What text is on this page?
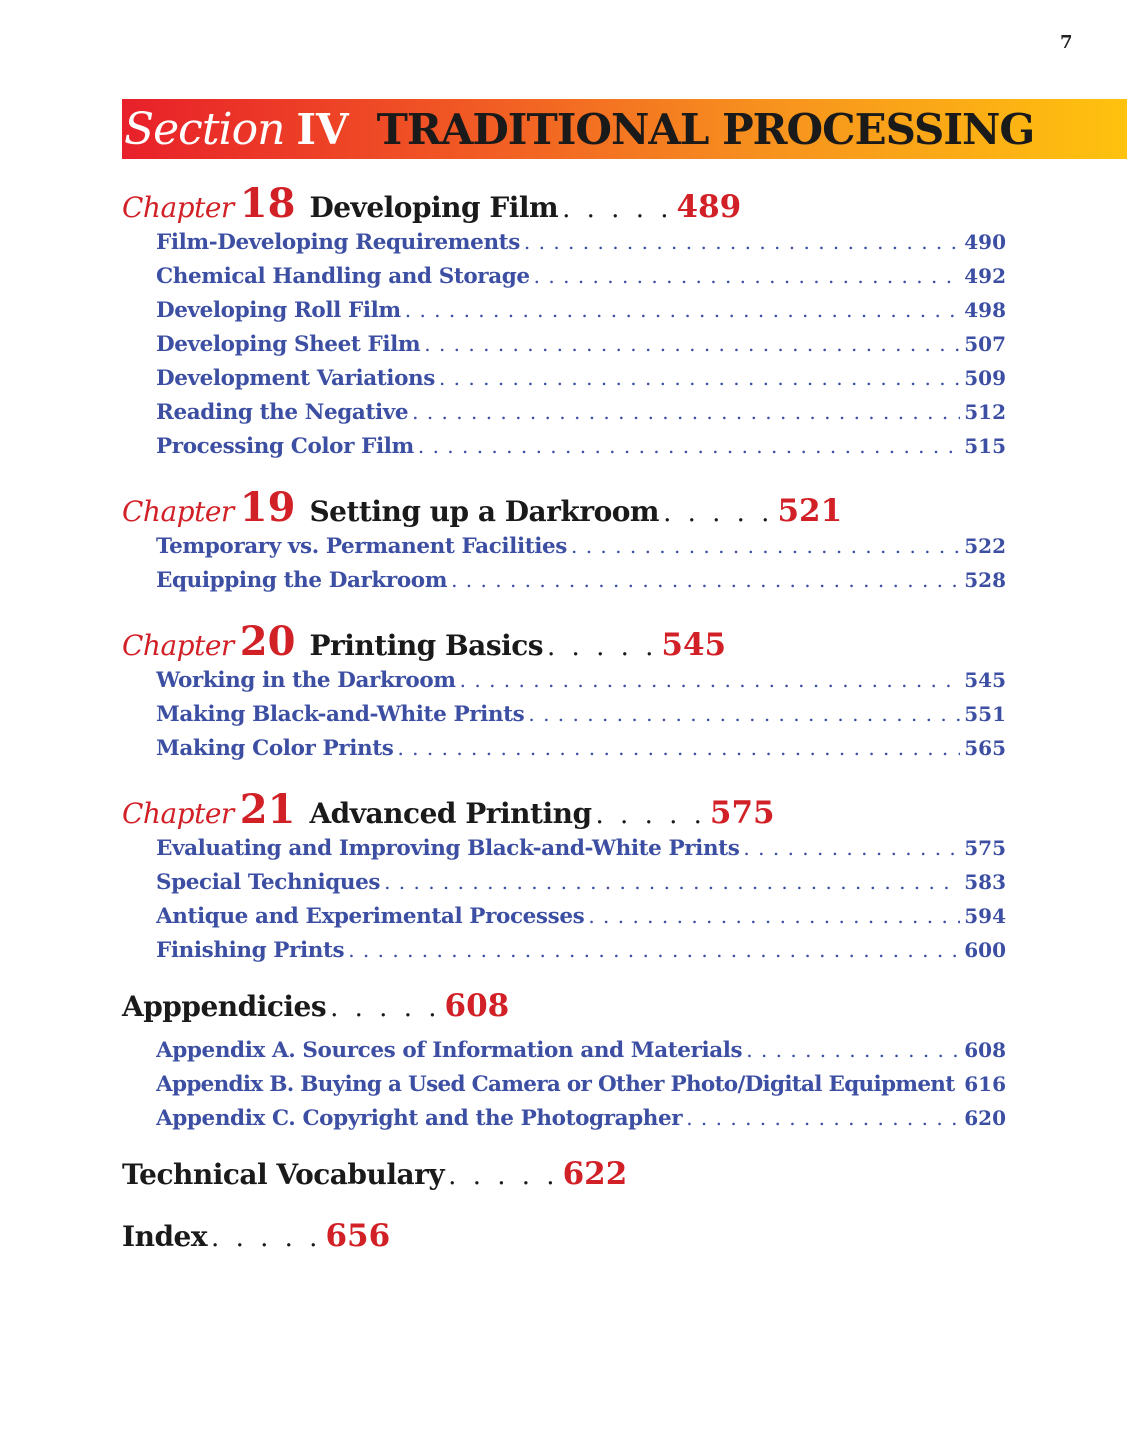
7
Section IV TRADITIONAL PROCESSING
Chapter 18 Developing Film . . . . . 489
Film-Developing Requirements . . .	490
Chemical Handling and Storage . . .	492
Developing Roll Film . . .	498
Developing Sheet Film . . .	507
Development Variations . . .	509
Reading the Negative . . .	512
Processing Color Film . . .	515
Chapter 19 Setting up a Darkroom . . . . . 521
Temporary vs. Permanent Facilities . . .	522
Equipping the Darkroom . . .	528
Chapter 20 Printing Basics . . . . . 545
Working in the Darkroom . . .	545
Making Black-and-White Prints . . .	551
Making Color Prints . . .	565
Chapter 21 Advanced Printing . . . . . 575
Evaluating and Improving Black-and-White Prints . . .	575
Special Techniques . . .	583
Antique and Experimental Processes . . .	594
Finishing Prints . . .	600
Apppendicies . . . . . 608
Appendix A. Sources of Information and Materials . . .	608
Appendix B. Buying a Used Camera or Other Photo/Digital Equipment . . . 616
Appendix C. Copyright and the Photographer . . .	620
Technical Vocabulary . . . . . 622
Index . . . . . 656
